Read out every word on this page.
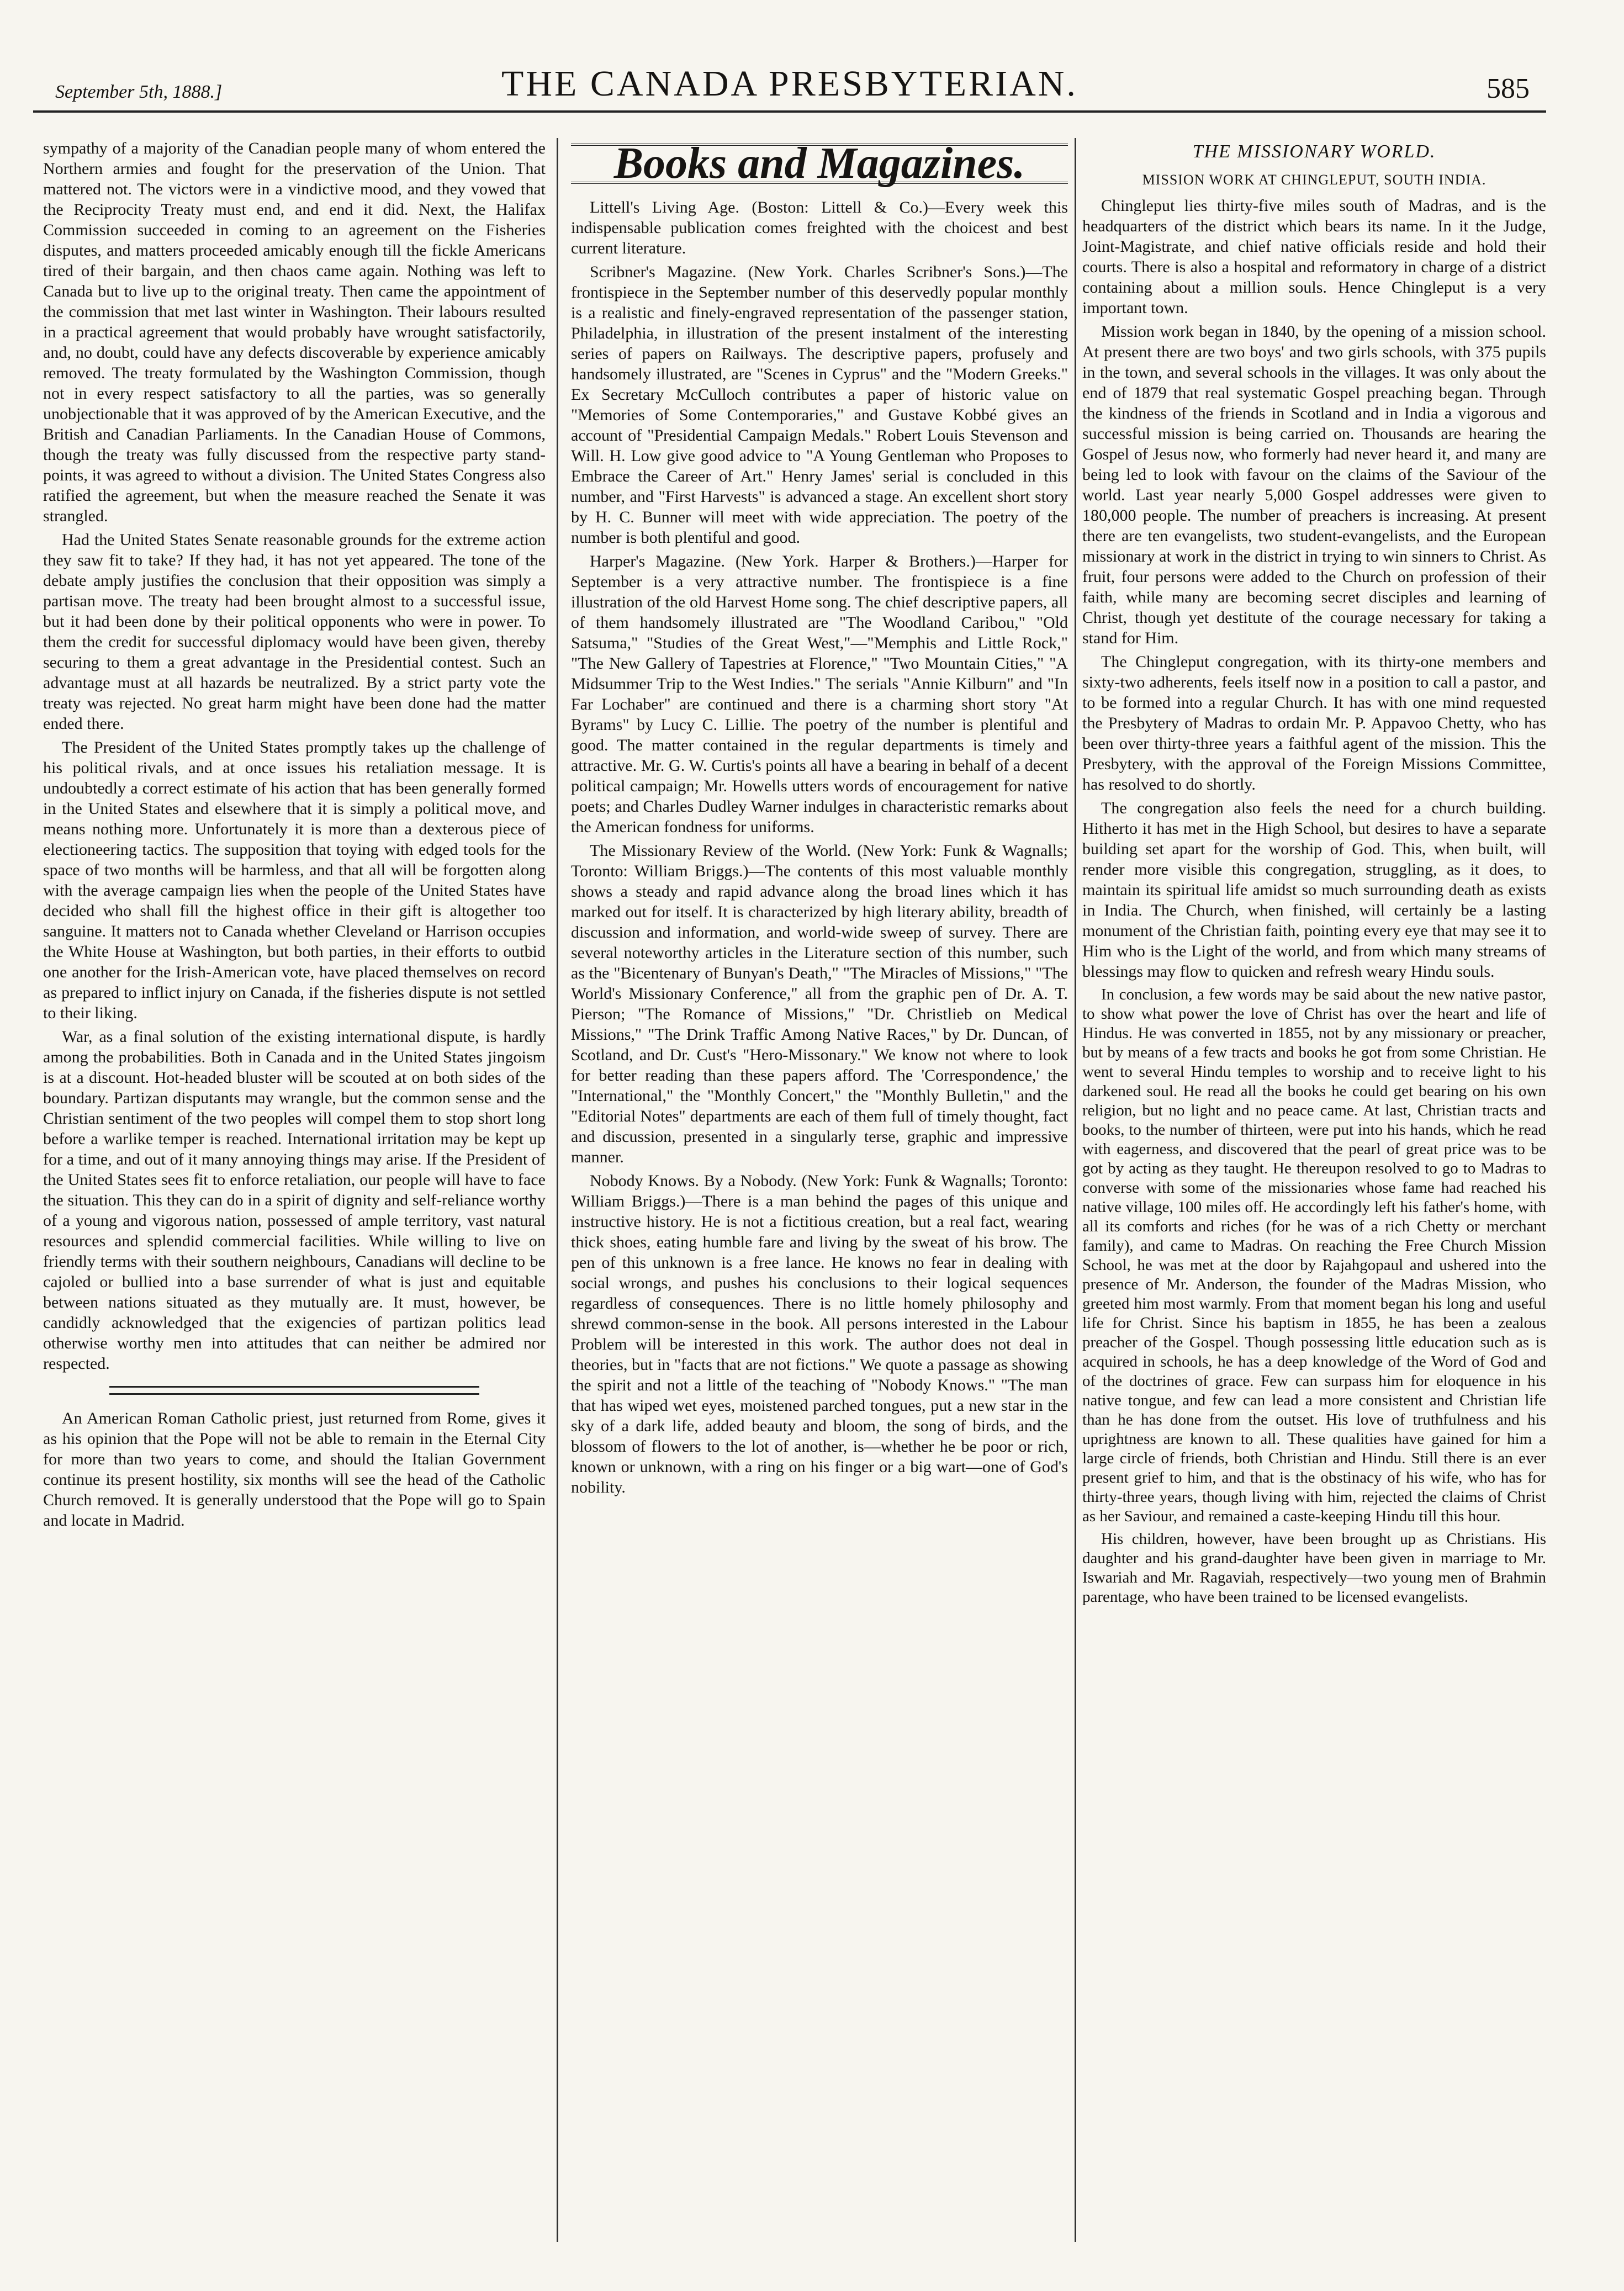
September 5th, 1888.]	THE CANADA PRESBYTERIAN.	585

sympathy of a majority of the Canadian people many of whom entered the Northern armies and fought for the preservation of the Union. That mattered not. The victors were in a vindictive mood, and they vowed that the Reciprocity Treaty must end, and end it did. Next, the Halifax Commission succeeded in coming to an agreement on the Fisheries disputes, and matters proceeded amicably enough till the fickle Americans tired of their bargain, and then chaos came again. Nothing was left to Canada but to live up to the original treaty. Then came the appointment of the commission that met last winter in Washington. Their labours resulted in a practical agreement that would probably have wrought satisfactorily, and, no doubt, could have any defects discoverable by experience amicably removed. The treaty formulated by the Washington Commission, though not in every respect satisfactory to all the parties, was so generally unobjectionable that it was approved of by the American Executive, and the British and Canadian Parliaments. In the Canadian House of Commons, though the treaty was fully discussed from the respective party stand-points, it was agreed to without a division. The United States Congress also ratified the agreement, but when the measure reached the Senate it was strangled.

Had the United States Senate reasonable grounds for the extreme action they saw fit to take? If they had, it has not yet appeared. The tone of the debate amply justifies the conclusion that their opposition was simply a partisan move. The treaty had been brought almost to a successful issue, but it had been done by their political opponents who were in power. To them the credit for successful diplomacy would have been given, thereby securing to them a great advantage in the Presidential contest. Such an advantage must at all hazards be neutralized. By a strict party vote the treaty was rejected. No great harm might have been done had the matter ended there.

The President of the United States promptly takes up the challenge of his political rivals, and at once issues his retaliation message. It is undoubtedly a correct estimate of his action that has been generally formed in the United States and elsewhere that it is simply a political move, and means nothing more. Unfortunately it is more than a dexterous piece of electioneering tactics. The supposition that toying with edged tools for the space of two months will be harmless, and that all will be forgotten along with the average campaign lies when the people of the United States have decided who shall fill the highest office in their gift is altogether too sanguine. It matters not to Canada whether Cleveland or Harrison occupies the White House at Washington, but both parties, in their efforts to outbid one another for the Irish-American vote, have placed themselves on record as prepared to inflict injury on Canada, if the fisheries dispute is not settled to their liking.

War, as a final solution of the existing international dispute, is hardly among the probabilities. Both in Canada and in the United States jingoism is at a discount. Hot-headed bluster will be scouted at on both sides of the boundary. Partizan disputants may wrangle, but the common sense and the Christian sentiment of the two peoples will compel them to stop short long before a warlike temper is reached. International irritation may be kept up for a time, and out of it many annoying things may arise. If the President of the United States sees fit to enforce retaliation, our people will have to face the situation. This they can do in a spirit of dignity and self-reliance worthy of a young and vigorous nation, possessed of ample territory, vast natural resources and splendid commercial facilities. While willing to live on friendly terms with their southern neighbours, Canadians will decline to be cajoled or bullied into a base surrender of what is just and equitable between nations situated as they mutually are. It must, however, be candidly acknowledged that the exigencies of partizan politics lead otherwise worthy men into attitudes that can neither be admired nor respected.

An American Roman Catholic priest, just returned from Rome, gives it as his opinion that the Pope will not be able to remain in the Eternal City for more than two years to come, and should the Italian Government continue its present hostility, six months will see the head of the Catholic Church removed. It is generally understood that the Pope will go to Spain and locate in Madrid.

Books and Magazines.

Littell's Living Age. (Boston: Littell & Co.)—Every week this indispensable publication comes freighted with the choicest and best current literature.

Scribner's Magazine. (New York. Charles Scribner's Sons.)—The frontispiece in the September number of this deservedly popular monthly is a realistic and finely-engraved representation of the passenger station, Philadelphia, in illustration of the present instalment of the interesting series of papers on Railways. The descriptive papers, profusely and handsomely illustrated, are "Scenes in Cyprus" and the "Modern Greeks." Ex Secretary McCulloch contributes a paper of historic value on "Memories of Some Contemporaries," and Gustave Kobbé gives an account of "Presidential Campaign Medals." Robert Louis Stevenson and Will. H. Low give good advice to "A Young Gentleman who Proposes to Embrace the Career of Art." Henry James' serial is concluded in this number, and "First Harvests" is advanced a stage. An excellent short story by H. C. Bunner will meet with wide appreciation. The poetry of the number is both plentiful and good.

Harper's Magazine. (New York. Harper & Brothers.)—Harper for September is a very attractive number. The frontispiece is a fine illustration of the old Harvest Home song. The chief descriptive papers, all of them handsomely illustrated are "The Woodland Caribou," "Old Satsuma," "Studies of the Great West,"—"Memphis and Little Rock," "The New Gallery of Tapestries at Florence," "Two Mountain Cities," "A Midsummer Trip to the West Indies." The serials "Annie Kilburn" and "In Far Lochaber" are continued and there is a charming short story "At Byrams" by Lucy C. Lillie. The poetry of the number is plentiful and good. The matter contained in the regular departments is timely and attractive. Mr. G. W. Curtis's points all have a bearing in behalf of a decent political campaign; Mr. Howells utters words of encouragement for native poets; and Charles Dudley Warner indulges in characteristic remarks about the American fondness for uniforms.

The Missionary Review of the World. (New York: Funk & Wagnalls; Toronto: William Briggs.)—The contents of this most valuable monthly shows a steady and rapid advance along the broad lines which it has marked out for itself. It is characterized by high literary ability, breadth of discussion and information, and world-wide sweep of survey. There are several noteworthy articles in the Literature section of this number, such as the "Bicentenary of Bunyan's Death," "The Miracles of Missions," "The World's Missionary Conference," all from the graphic pen of Dr. A. T. Pierson; "The Romance of Missions," "Dr. Christlieb on Medical Missions," "The Drink Traffic Among Native Races," by Dr. Duncan, of Scotland, and Dr. Cust's "Hero-Missonary." We know not where to look for better reading than these papers afford. The 'Correspondence,' the "International," the "Monthly Concert," the "Monthly Bulletin," and the "Editorial Notes" departments are each of them full of timely thought, fact and discussion, presented in a singularly terse, graphic and impressive manner.

Nobody Knows. By a Nobody. (New York: Funk & Wagnalls; Toronto: William Briggs.)—There is a man behind the pages of this unique and instructive history. He is not a fictitious creation, but a real fact, wearing thick shoes, eating humble fare and living by the sweat of his brow. The pen of this unknown is a free lance. He knows no fear in dealing with social wrongs, and pushes his conclusions to their logical sequences regardless of consequences. There is no little homely philosophy and shrewd common-sense in the book. All persons interested in the Labour Problem will be interested in this work. The author does not deal in theories, but in "facts that are not fictions." We quote a passage as showing the spirit and not a little of the teaching of "Nobody Knows." "The man that has wiped wet eyes, moistened parched tongues, put a new star in the sky of a dark life, added beauty and bloom, the song of birds, and the blossom of flowers to the lot of another, is—whether he be poor or rich, known or unknown, with a ring on his finger or a big wart—one of God's nobility.

THE MISSIONARY WORLD.
MISSION WORK AT CHINGLEPUT, SOUTH INDIA.

Chingleput lies thirty-five miles south of Madras, and is the headquarters of the district which bears its name. In it the Judge, Joint-Magistrate, and chief native officials reside and hold their courts. There is also a hospital and reformatory in charge of a district containing about a million souls. Hence Chingleput is a very important town.

Mission work began in 1840, by the opening of a mission school. At present there are two boys' and two girls schools, with 375 pupils in the town, and several schools in the villages. It was only about the end of 1879 that real systematic Gospel preaching began. Through the kindness of the friends in Scotland and in India a vigorous and successful mission is being carried on. Thousands are hearing the Gospel of Jesus now, who formerly had never heard it, and many are being led to look with favour on the claims of the Saviour of the world. Last year nearly 5,000 Gospel addresses were given to 180,000 people. The number of preachers is increasing. At present there are ten evangelists, two student-evangelists, and the European missionary at work in the district in trying to win sinners to Christ. As fruit, four persons were added to the Church on profession of their faith, while many are becoming secret disciples and learning of Christ, though yet destitute of the courage necessary for taking a stand for Him.

The Chingleput congregation, with its thirty-one members and sixty-two adherents, feels itself now in a position to call a pastor, and to be formed into a regular Church. It has with one mind requested the Presbytery of Madras to ordain Mr. P. Appavoo Chetty, who has been over thirty-three years a faithful agent of the mission. This the Presbytery, with the approval of the Foreign Missions Committee, has resolved to do shortly.

The congregation also feels the need for a church building. Hitherto it has met in the High School, but desires to have a separate building set apart for the worship of God. This, when built, will render more visible this congregation, struggling, as it does, to maintain its spiritual life amidst so much surrounding death as exists in India. The Church, when finished, will certainly be a lasting monument of the Christian faith, pointing every eye that may see it to Him who is the Light of the world, and from which many streams of blessings may flow to quicken and refresh weary Hindu souls.

In conclusion, a few words may be said about the new native pastor, to show what power the love of Christ has over the heart and life of Hindus. He was converted in 1855, not by any missionary or preacher, but by means of a few tracts and books he got from some Christian. He went to several Hindu temples to worship and to receive light to his darkened soul. He read all the books he could get bearing on his own religion, but no light and no peace came. At last, Christian tracts and books, to the number of thirteen, were put into his hands, which he read with eagerness, and discovered that the pearl of great price was to be got by acting as they taught. He thereupon resolved to go to Madras to converse with some of the missionaries whose fame had reached his native village, 100 miles off. He accordingly left his father's home, with all its comforts and riches (for he was of a rich Chetty or merchant family), and came to Madras. On reaching the Free Church Mission School, he was met at the door by Rajahgopaul and ushered into the presence of Mr. Anderson, the founder of the Madras Mission, who greeted him most warmly. From that moment began his long and useful life for Christ. Since his baptism in 1855, he has been a zealous preacher of the Gospel. Though possessing little education such as is acquired in schools, he has a deep knowledge of the Word of God and of the doctrines of grace. Few can surpass him for eloquence in his native tongue, and few can lead a more consistent and Christian life than he has done from the outset. His love of truthfulness and his uprightness are known to all. These qualities have gained for him a large circle of friends, both Christian and Hindu. Still there is an ever present grief to him, and that is the obstinacy of his wife, who has for thirty-three years, though living with him, rejected the claims of Christ as her Saviour, and remained a caste-keeping Hindu till this hour.

His children, however, have been brought up as Christians. His daughter and his grand-daughter have been given in marriage to Mr. Iswariah and Mr. Ragaviah, respectively—two young men of Brahmin parentage, who have been trained to be licensed evangelists.
